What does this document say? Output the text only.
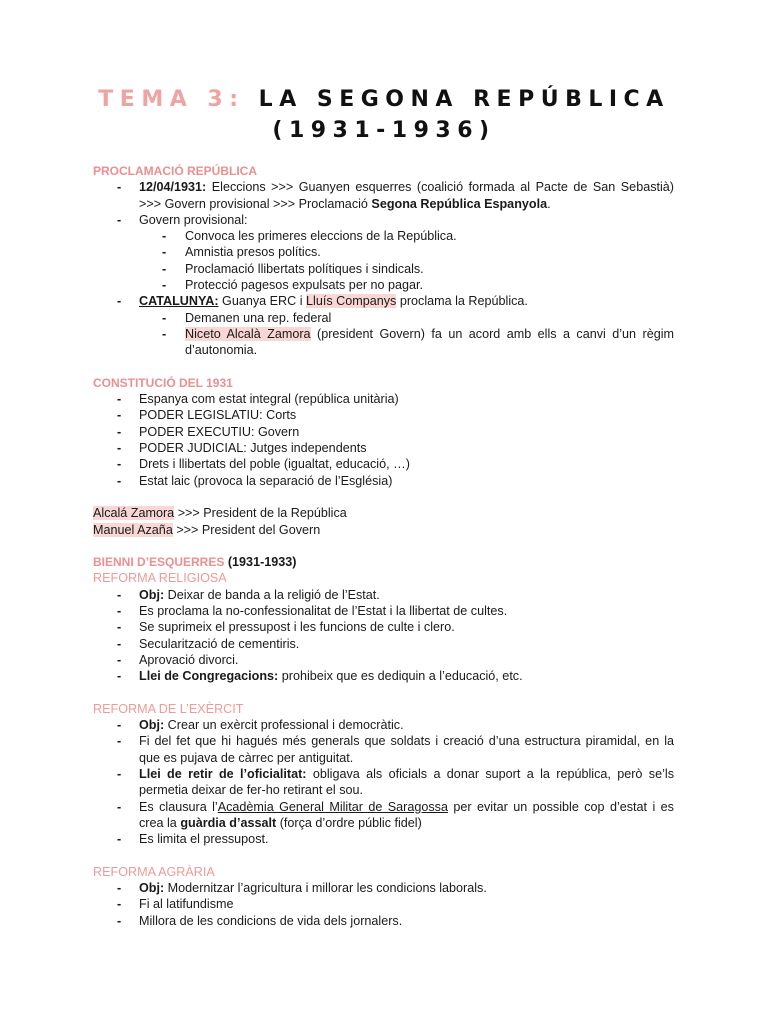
TEMA 3: LA SEGONA REPÚBLICA
(1931-1936)
PROCLAMACIÓ REPÚBLICA
- 12/04/1931: Eleccions >>> Guanyen esquerres (coalició formada al Pacte de San Sebastià) >>> Govern provisional >>> Proclamació Segona República Espanyola.
- Govern provisional:
- Convoca les primeres eleccions de la República.
- Amnistia presos polítics.
- Proclamació llibertats polítiques i sindicals.
- Protecció pagesos expulsats per no pagar.
- CATALUNYA: Guanya ERC i Lluís Companys proclama la República.
- Demanen una rep. federal
- Niceto Alcalà Zamora (president Govern) fa un acord amb ells a canvi d’un règim d’autonomia.
CONSTITUCIÓ DEL 1931
- Espanya com estat integral (república unitària)
- PODER LEGISLATIU: Corts
- PODER EXECUTIU: Govern
- PODER JUDICIAL: Jutges independents
- Drets i llibertats del poble (igualtat, educació, …)
- Estat laic (provoca la separació de l’Església)
Alcalá Zamora >>> President de la República
Manuel Azaña >>> President del Govern
BIENNI D’ESQUERRES (1931-1933)
REFORMA RELIGIOSA
- Obj: Deixar de banda a la religió de l’Estat.
- Es proclama la no-confessionalitat de l’Estat i la llibertat de cultes.
- Se suprimeix el pressupost i les funcions de culte i clero.
- Secularització de cementiris.
- Aprovació divorci.
- Llei de Congregacions: prohibeix que es dediquin a l’educació, etc.
REFORMA DE L’EXÈRCIT
- Obj: Crear un exèrcit professional i democràtic.
- Fi del fet que hi hagués més generals que soldats i creació d’una estructura piramidal, en la que es pujava de càrrec per antiguitat.
- Llei de retir de l’oficialitat: obligava als oficials a donar suport a la república, però se’ls permetia deixar de fer-ho retirant el sou.
- Es clausura l’Acadèmia General Militar de Saragossa per evitar un possible cop d’estat i es crea la guàrdia d’assalt (força d’ordre públic fidel)
- Es limita el pressupost.
REFORMA AGRÀRIA
- Obj: Modernitzar l’agricultura i millorar les condicions laborals.
- Fi al latifundisme
- Millora de les condicions de vida dels jornalers.
